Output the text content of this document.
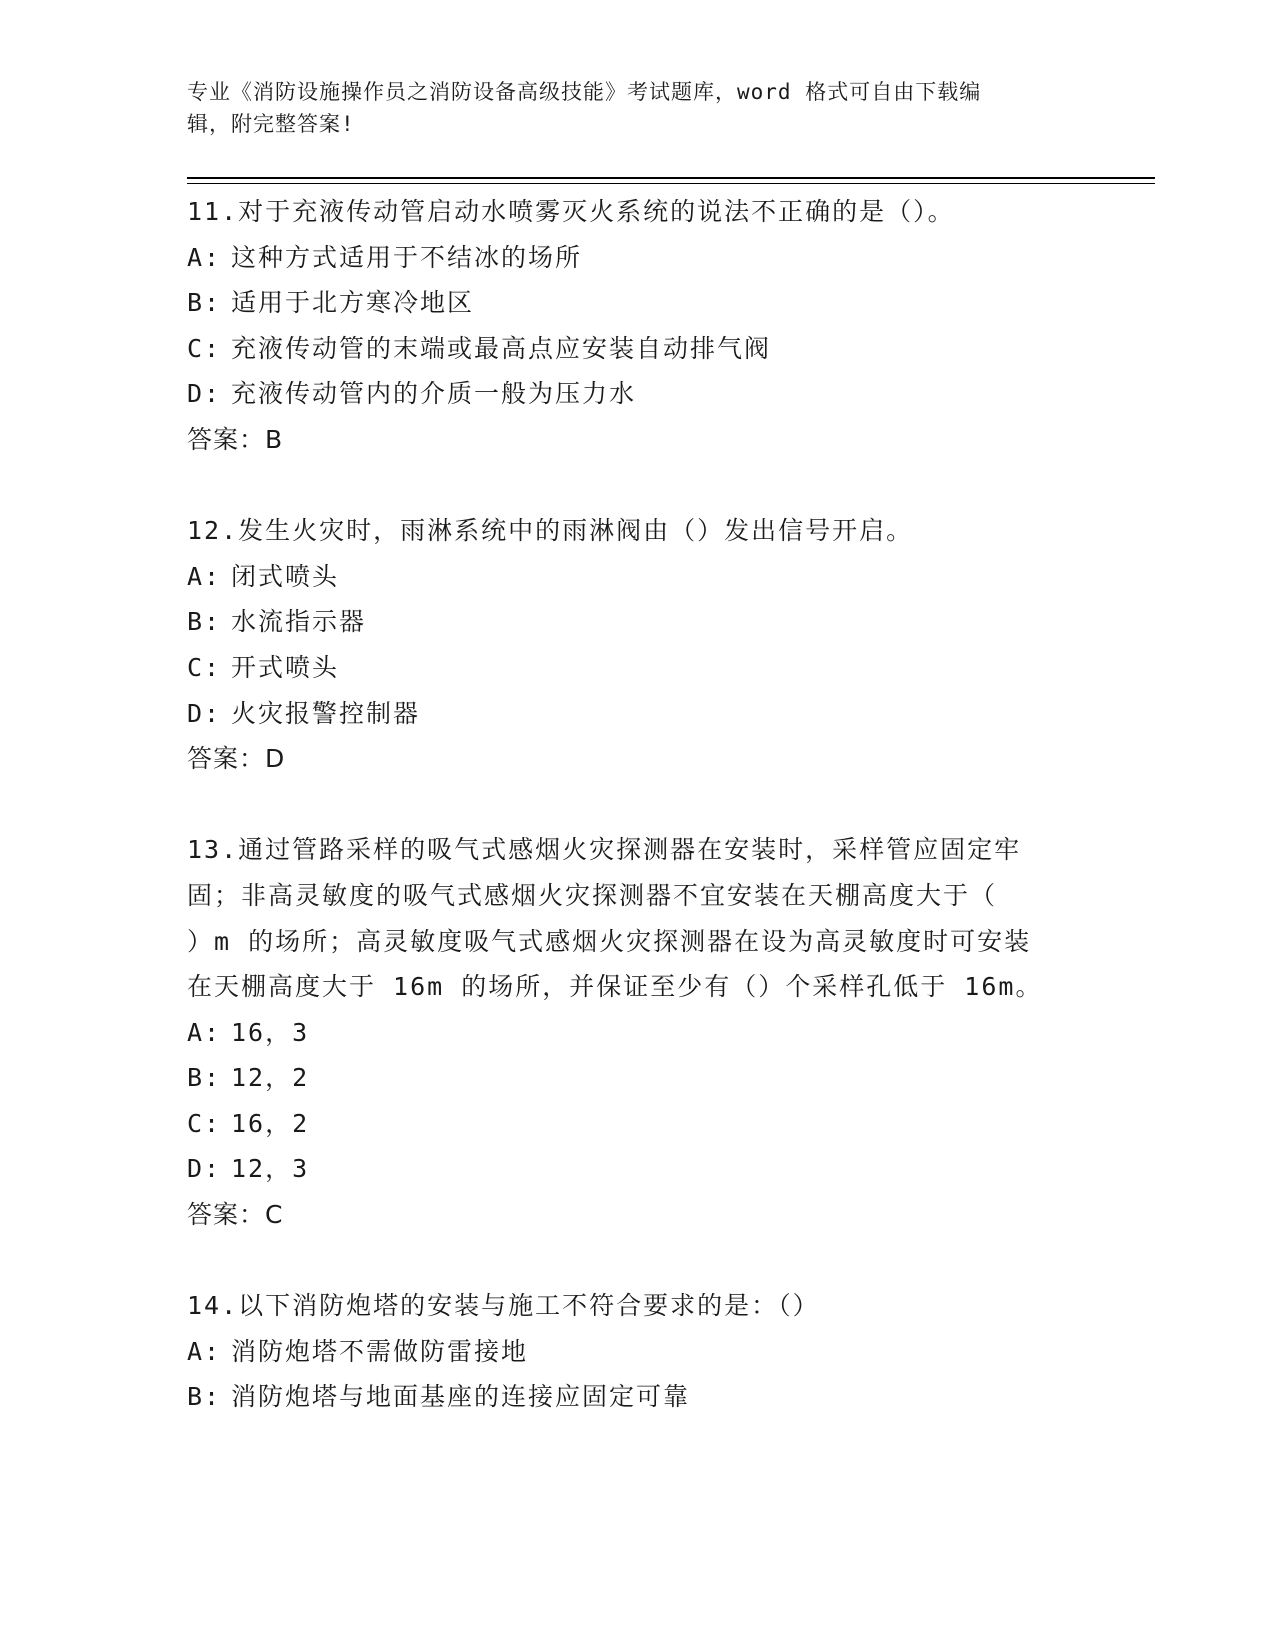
专业《消防设施操作员之消防设备高级技能》考试题库，word 格式可自由下载编
辑，附完整答案!
11.对于充液传动管启动水喷雾灭火系统的说法不正确的是（）。
A: 这种方式适用于不结冰的场所
B: 适用于北方寒冷地区
C: 充液传动管的末端或最高点应安装自动排气阀
D: 充液传动管内的介质一般为压力水
答案：B
12.发生火灾时，雨淋系统中的雨淋阀由（）发出信号开启。
A: 闭式喷头
B: 水流指示器
C: 开式喷头
D: 火灾报警控制器
答案：D
13.通过管路采样的吸气式感烟火灾探测器在安装时，采样管应固定牢
固；非高灵敏度的吸气式感烟火灾探测器不宜安装在天棚高度大于（
）m 的场所；高灵敏度吸气式感烟火灾探测器在设为高灵敏度时可安装
在天棚高度大于 16m 的场所，并保证至少有（）个采样孔低于 16m。
A: 16，3
B: 12，2
C: 16，2
D: 12，3
答案：C
14.以下消防炮塔的安装与施工不符合要求的是：（）
A: 消防炮塔不需做防雷接地
B: 消防炮塔与地面基座的连接应固定可靠
